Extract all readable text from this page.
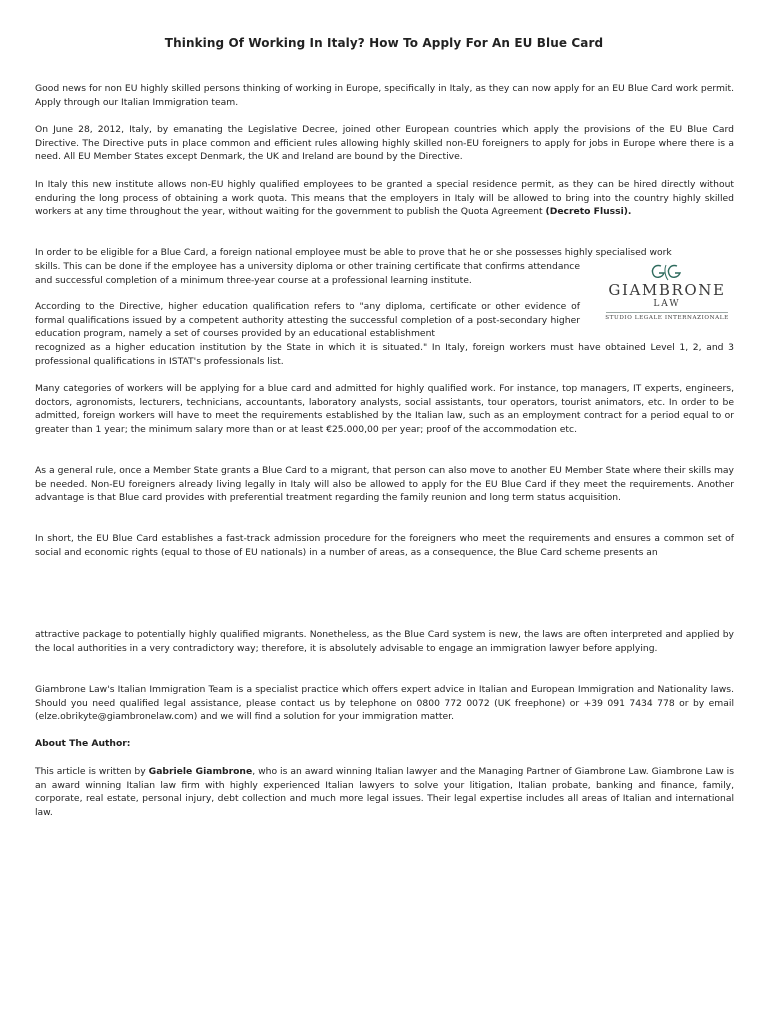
Thinking Of Working In Italy? How To Apply For An EU Blue Card

Good news for non EU highly skilled persons thinking of working in Europe, specifically in Italy, as they can now apply for an EU Blue Card work permit. Apply through our Italian Immigration team.

On June 28, 2012, Italy, by emanating the Legislative Decree, joined other European countries which apply the provisions of the EU Blue Card Directive. The Directive puts in place common and efficient rules allowing highly skilled non-EU foreigners to apply for jobs in Europe where there is a need. All EU Member States except Denmark, the UK and Ireland are bound by the Directive.

In Italy this new institute allows non-EU highly qualified employees to be granted a special residence permit, as they can be hired directly without enduring the long process of obtaining a work quota. This means that the employers in Italy will be allowed to bring into the country highly skilled workers at any time throughout the year, without waiting for the government to publish the Quota Agreement (Decreto Flussi).

In order to be eligible for a Blue Card, a foreign national employee must be able to prove that he or she possesses highly specialised work

skills. This can be done if the employee has a university diploma or other training certificate that confirms attendance and successful completion of a minimum three-year course at a professional learning institute.

According to the Directive, higher education qualification refers to "any diploma, certificate or other evidence of formal qualifications issued by a competent authority attesting the successful completion of a post-secondary higher education program, namely a set of courses provided by an educational establishment

recognized as a higher education institution by the State in which it is situated." In Italy, foreign workers must have obtained Level 1, 2, and 3 professional qualifications in ISTAT's professionals list.

GIAMBRONE
LAW
STUDIO LEGALE INTERNAZIONALE

Many categories of workers will be applying for a blue card and admitted for highly qualified work. For instance, top managers, IT experts, engineers, doctors, agronomists, lecturers, technicians, accountants, laboratory analysts, social assistants, tour operators, tourist animators, etc. In order to be admitted, foreign workers will have to meet the requirements established by the Italian law, such as an employment contract for a period equal to or greater than 1 year; the minimum salary more than or at least €25.000,00 per year; proof of the accommodation etc.

As a general rule, once a Member State grants a Blue Card to a migrant, that person can also move to another EU Member State where their skills may be needed. Non-EU foreigners already living legally in Italy will also be allowed to apply for the EU Blue Card if they meet the requirements. Another advantage is that Blue card provides with preferential treatment regarding the family reunion and long term status acquisition.

In short, the EU Blue Card establishes a fast-track admission procedure for the foreigners who meet the requirements and ensures a common set of social and economic rights (equal to those of EU nationals) in a number of areas, as a consequence, the Blue Card scheme presents an

attractive package to potentially highly qualified migrants. Nonetheless, as the Blue Card system is new, the laws are often interpreted and applied by the local authorities in a very contradictory way; therefore, it is absolutely advisable to engage an immigration lawyer before applying.

Giambrone Law's Italian Immigration Team is a specialist practice which offers expert advice in Italian and European Immigration and Nationality laws. Should you need qualified legal assistance, please contact us by telephone on 0800 772 0072 (UK freephone) or +39 091 7434 778 or by email (elze.obrikyte@giambronelaw.com) and we will find a solution for your immigration matter.

About The Author:

This article is written by Gabriele Giambrone, who is an award winning Italian lawyer and the Managing Partner of Giambrone Law. Giambrone Law is an award winning Italian law firm with highly experienced Italian lawyers to solve your litigation, Italian probate, banking and finance, family, corporate, real estate, personal injury, debt collection and much more legal issues. Their legal expertise includes all areas of Italian and international law.
